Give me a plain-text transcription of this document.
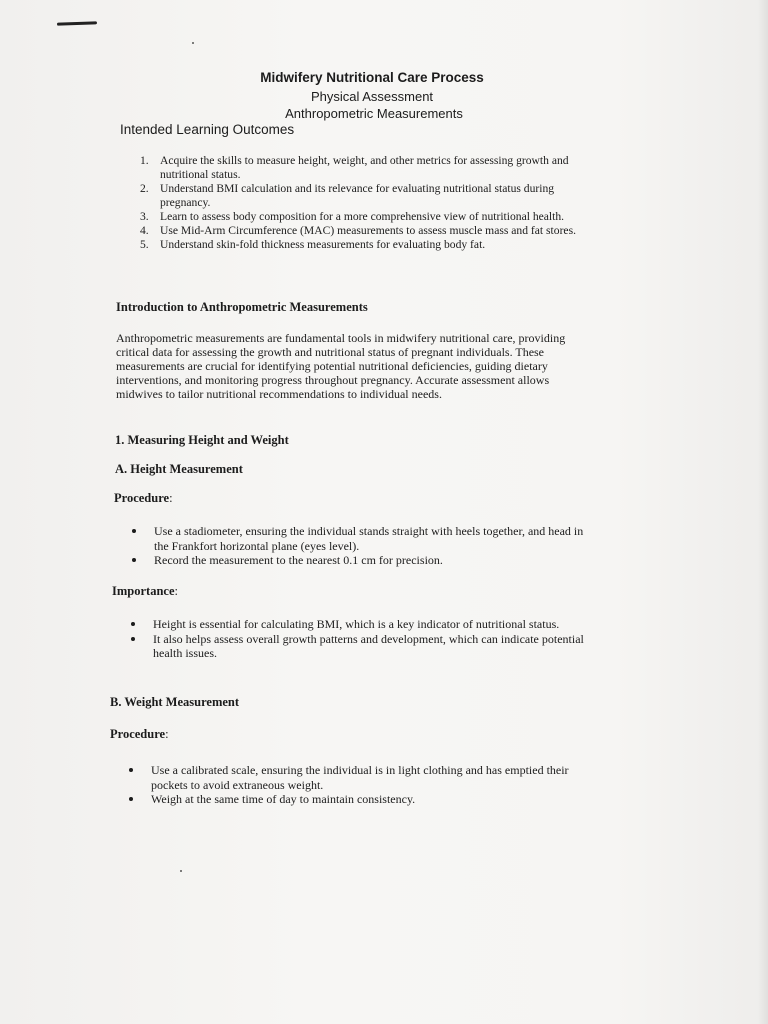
Midwifery Nutritional Care Process
Physical Assessment
Anthropometric Measurements
Intended Learning Outcomes
1. Acquire the skills to measure height, weight, and other metrics for assessing growth and nutritional status.
2. Understand BMI calculation and its relevance for evaluating nutritional status during pregnancy.
3. Learn to assess body composition for a more comprehensive view of nutritional health.
4. Use Mid-Arm Circumference (MAC) measurements to assess muscle mass and fat stores.
5. Understand skin-fold thickness measurements for evaluating body fat.
Introduction to Anthropometric Measurements
Anthropometric measurements are fundamental tools in midwifery nutritional care, providing critical data for assessing the growth and nutritional status of pregnant individuals. These measurements are crucial for identifying potential nutritional deficiencies, guiding dietary interventions, and monitoring progress throughout pregnancy. Accurate assessment allows midwives to tailor nutritional recommendations to individual needs.
1. Measuring Height and Weight
A. Height Measurement
Procedure:
Use a stadiometer, ensuring the individual stands straight with heels together, and head in the Frankfort horizontal plane (eyes level).
Record the measurement to the nearest 0.1 cm for precision.
Importance:
Height is essential for calculating BMI, which is a key indicator of nutritional status.
It also helps assess overall growth patterns and development, which can indicate potential health issues.
B. Weight Measurement
Procedure:
Use a calibrated scale, ensuring the individual is in light clothing and has emptied their pockets to avoid extraneous weight.
Weigh at the same time of day to maintain consistency.
